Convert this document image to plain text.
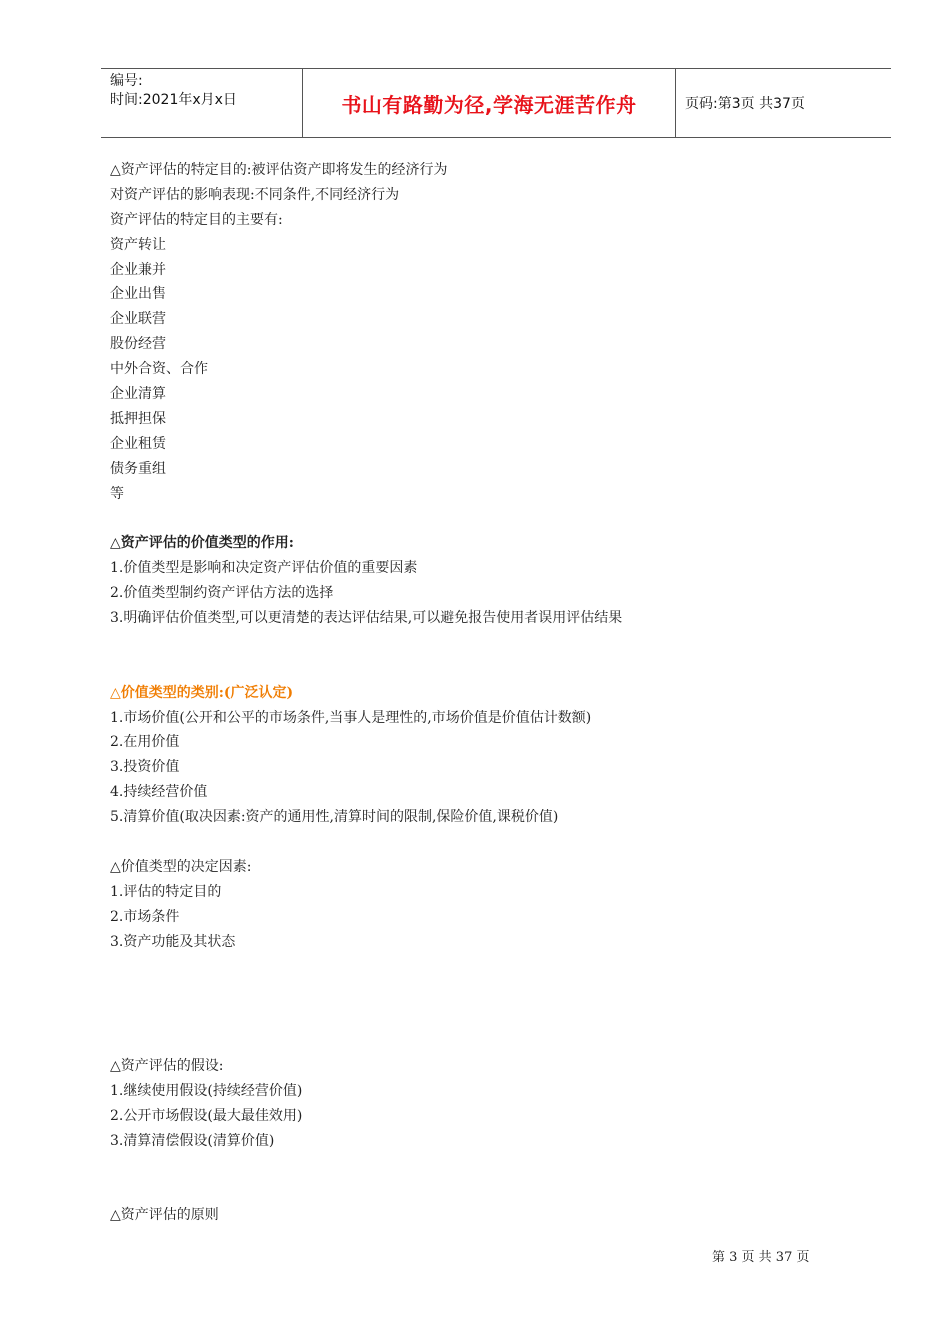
编号:
时间:2021年x月x日	书山有路勤为径,学海无涯苦作舟	页码:第3页 共37页
△资产评估的特定目的:被评估资产即将发生的经济行为
对资产评估的影响表现:不同条件,不同经济行为
资产评估的特定目的主要有:
资产转让
企业兼并
企业出售
企业联营
股份经营
中外合资、合作
企业清算
抵押担保
企业租赁
债务重组
等
△资产评估的价值类型的作用:
1.价值类型是影响和决定资产评估价值的重要因素
2.价值类型制约资产评估方法的选择
3.明确评估价值类型,可以更清楚的表达评估结果,可以避免报告使用者误用评估结果
△价值类型的类别:(广泛认定)
1.市场价值(公开和公平的市场条件,当事人是理性的,市场价值是价值估计数额)
2.在用价值
3.投资价值
4.持续经营价值
5.清算价值(取决因素:资产的通用性,清算时间的限制,保险价值,课税价值)
△价值类型的决定因素:
1.评估的特定目的
2.市场条件
3.资产功能及其状态
△资产评估的假设:
1.继续使用假设(持续经营价值)
2.公开市场假设(最大最佳效用)
3.清算清偿假设(清算价值)
△资产评估的原则
第 3 页 共 37 页
